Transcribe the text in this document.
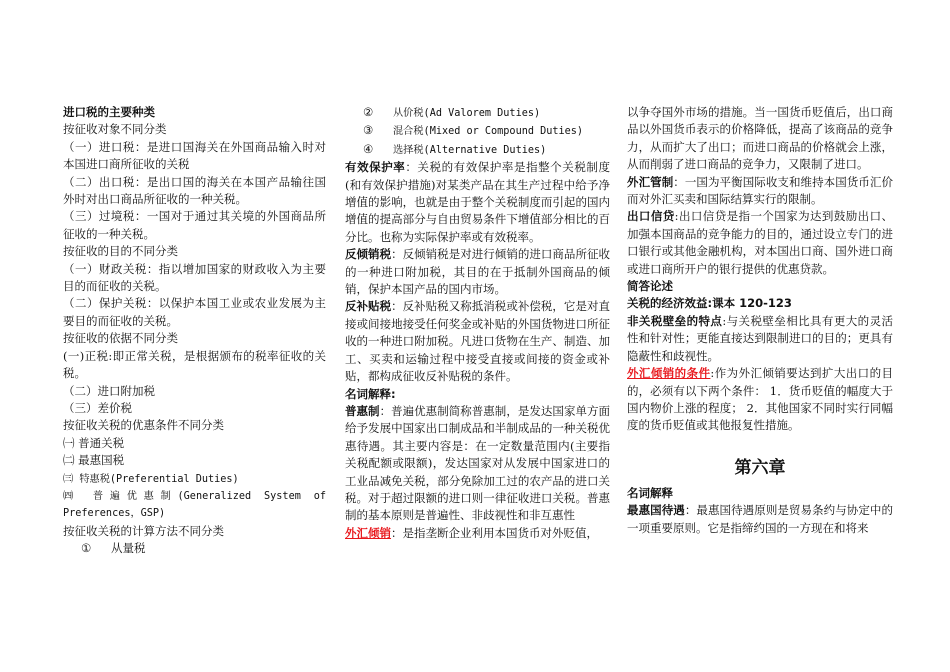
进口税的主要种类

按征收对象不同分类

（一）进口税：是进口国海关在外国商品输入时对本国进口商所征收的关税

（二）出口税：是出口国的海关在本国产品输往国外时对出口商品所征收的一种关税。

（三）过境税：一国对于通过其关境的外国商品所征收的一种关税。

按征收的目的不同分类

（一）财政关税：指以增加国家的财政收入为主要目的而征收的关税。

（二）保护关税：以保护本国工业或农业发展为主要目的而征收的关税。

按征收的依据不同分类

(一)正税:即正常关税，是根据颁布的税率征收的关税。

（二）进口附加税

（三）差价税

按征收关税的优惠条件不同分类

㈠ 普通关税

㈡ 最惠国税

㈢ 特惠税(Preferential Duties)

㈣ 普遍优惠制(Generalized System of Preferences，GSP)

按征收关税的计算方法不同分类

① 从量税

② 从价税(Ad Valorem Duties)

③ 混合税(Mixed or Compound Duties)

④ 选择税(Alternative Duties)

有效保护率：关税的有效保护率是指整个关税制度(和有效保护措施)对某类产品在其生产过程中给予净增值的影响，也就是由于整个关税制度而引起的国内增值的提高部分与自由贸易条件下增值部分相比的百分比。也称为实际保护率或有效税率。

反倾销税：反倾销税是对进行倾销的进口商品所征收的一种进口附加税，其目的在于抵制外国商品的倾销，保护本国产品的国内市场。

反补贴税：反补贴税又称抵消税或补偿税，它是对直接或间接地接受任何奖金或补贴的外国货物进口所征收的一种进口附加税。凡进口货物在生产、制造、加工、买卖和运输过程中接受直接或间接的资金或补贴，都构成征收反补贴税的条件。

名词解释:

普惠制：普遍优惠制简称普惠制，是发达国家单方面给予发展中国家出口制成品和半制成品的一种关税优惠待遇。其主要内容是：在一定数量范围内(主要指关税配额或限额)，发达国家对从发展中国家进口的工业品减免关税，部分免除加工过的农产品的进口关税。对于超过限额的进口则一律征收进口关税。普惠制的基本原则是普遍性、非歧视性和非互惠性

外汇倾销：是指垄断企业利用本国货币对外贬值，

以争夺国外市场的措施。当一国货币贬值后，出口商品以外国货币表示的价格降低，提高了该商品的竞争力，从而扩大了出口；而进口商品的价格就会上涨，从而削弱了进口商品的竞争力，又限制了进口。

外汇管制：一国为平衡国际收支和维持本国货币汇价而对外汇买卖和国际结算实行的限制。

出口信贷:出口信贷是指一个国家为达到鼓励出口、加强本国商品的竞争能力的目的，通过设立专门的进口银行或其他金融机构，对本国出口商、国外进口商或进口商所开户的银行提供的优惠贷款。

简答论述

关税的经济效益:课本 120-123

非关税壁垒的特点:与关税壁垒相比具有更大的灵活性和针对性；更能直接达到限制进口的目的；更具有隐蔽性和歧视性。

外汇倾销的条件:作为外汇倾销要达到扩大出口的目的，必须有以下两个条件： 1．货币贬值的幅度大于国内物价上涨的程度； 2．其他国家不同时实行同幅度的货币贬值或其他报复性措施。

第六章

名词解释

最惠国待遇：最惠国待遇原则是贸易条约与协定中的一项重要原则。它是指缔约国的一方现在和将来
